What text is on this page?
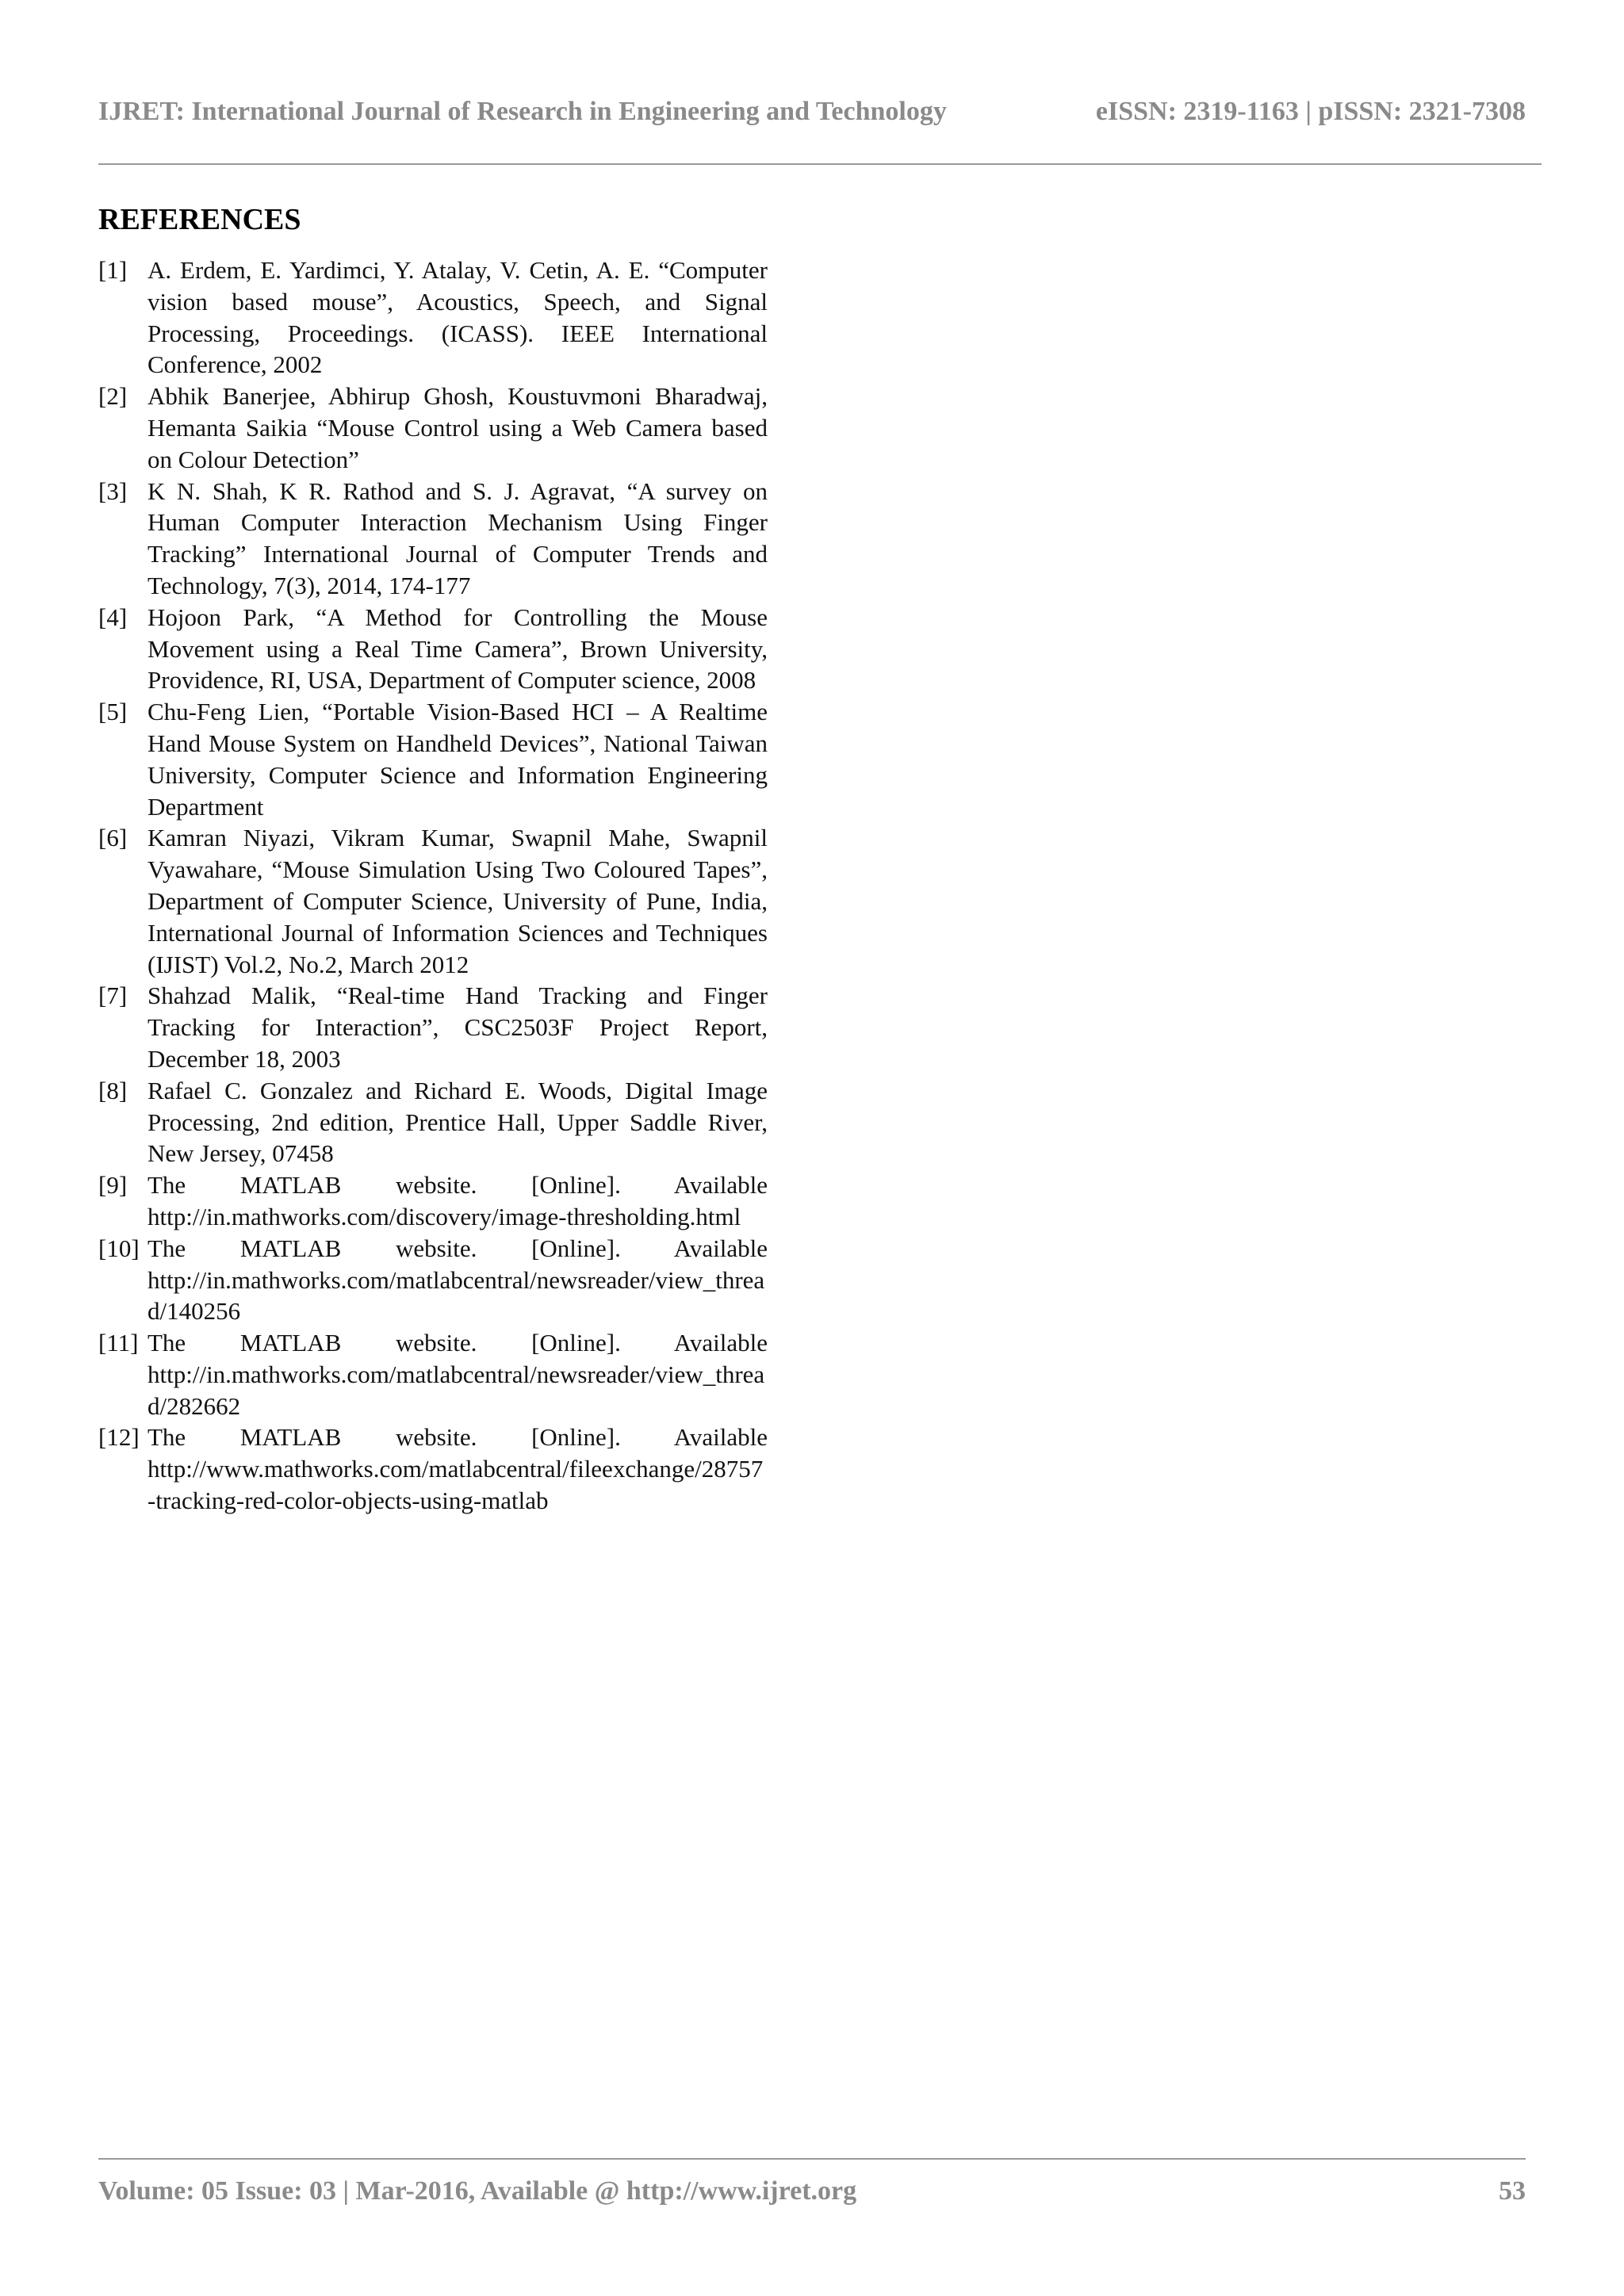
IJRET: International Journal of Research in Engineering and Technology	eISSN: 2319-1163 | pISSN: 2321-7308
REFERENCES
[1] A. Erdem, E. Yardimci, Y. Atalay, V. Cetin, A. E. “Computer vision based mouse”, Acoustics, Speech, and Signal Processing, Proceedings. (ICASS). IEEE International Conference, 2002
[2] Abhik Banerjee, Abhirup Ghosh, Koustuvmoni Bharadwaj, Hemanta Saikia “Mouse Control using a Web Camera based on Colour Detection”
[3] K N. Shah, K R. Rathod and S. J. Agravat, “A survey on Human Computer Interaction Mechanism Using Finger Tracking” International Journal of Computer Trends and Technology, 7(3), 2014, 174-177
[4] Hojoon Park, “A Method for Controlling the Mouse Movement using a Real Time Camera”, Brown University, Providence, RI, USA, Department of Computer science, 2008
[5] Chu-Feng Lien, “Portable Vision-Based HCI – A Realtime Hand Mouse System on Handheld Devices”, National Taiwan University, Computer Science and Information Engineering Department
[6] Kamran Niyazi, Vikram Kumar, Swapnil Mahe, Swapnil Vyawahare, “Mouse Simulation Using Two Coloured Tapes”, Department of Computer Science, University of Pune, India, International Journal of Information Sciences and Techniques (IJIST) Vol.2, No.2, March 2012
[7] Shahzad Malik, “Real-time Hand Tracking and Finger Tracking for Interaction”, CSC2503F Project Report, December 18, 2003
[8] Rafael C. Gonzalez and Richard E. Woods, Digital Image Processing, 2nd edition, Prentice Hall, Upper Saddle River, New Jersey, 07458
[9] The MATLAB website. [Online]. Available http://in.mathworks.com/discovery/image-thresholding.html
[10] The MATLAB website. [Online]. Available http://in.mathworks.com/matlabcentral/newsreader/view_thread/140256
[11] The MATLAB website. [Online]. Available http://in.mathworks.com/matlabcentral/newsreader/view_thread/282662
[12] The MATLAB website. [Online]. Available http://www.mathworks.com/matlabcentral/fileexchange/28757-tracking-red-color-objects-using-matlab
Volume: 05 Issue: 03 | Mar-2016, Available @ http://www.ijret.org	53
